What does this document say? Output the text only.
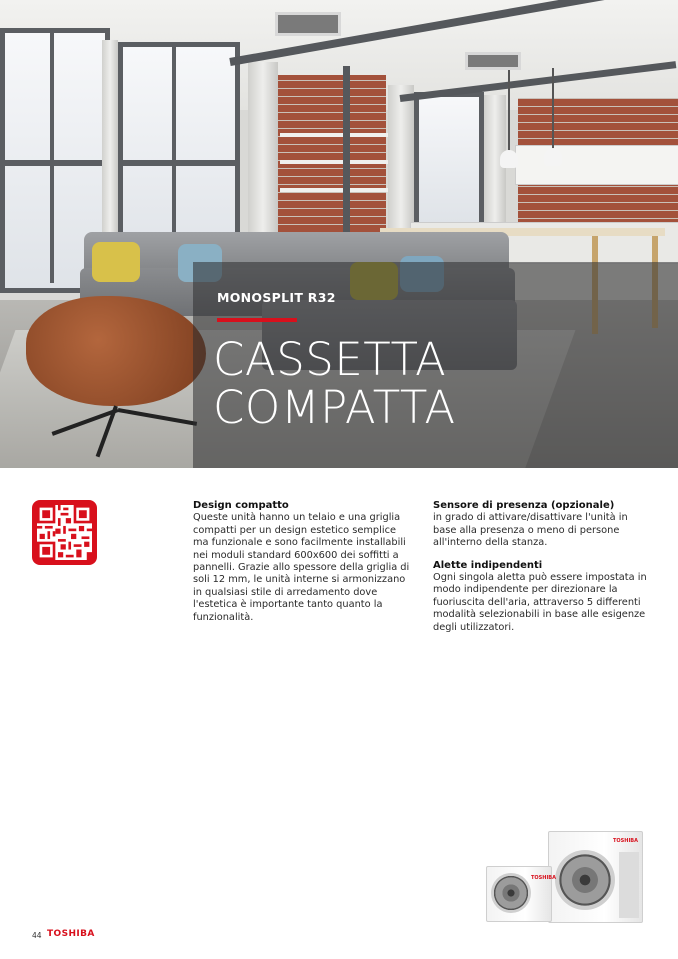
MONOSPLIT R32
CASSETTA
COMPATTA
Design compatto

Queste unità hanno un telaio e una griglia compatti per un design estetico semplice ma funzionale e sono facilmente installabili nei moduli standard 600x600 dei soffitti a pannelli. Grazie allo spessore della griglia di soli 12 mm, le unità interne si armonizzano in qualsiasi stile di arredamento dove l'estetica è importante tanto quanto la funzionalità.

Sensore di presenza (opzionale)

in grado di attivare/disattivare l'unità in base alla presenza o meno di persone all'interno della stanza.

Alette indipendenti

Ogni singola aletta può essere impostata in modo indipendente per direzionare la fuoriuscita dell'aria, attraverso 5 differenti modalità selezionabili in base alle esigenze degli utilizzatori.

TOSHIBA
TOSHIBA
44 TOSHIBA
